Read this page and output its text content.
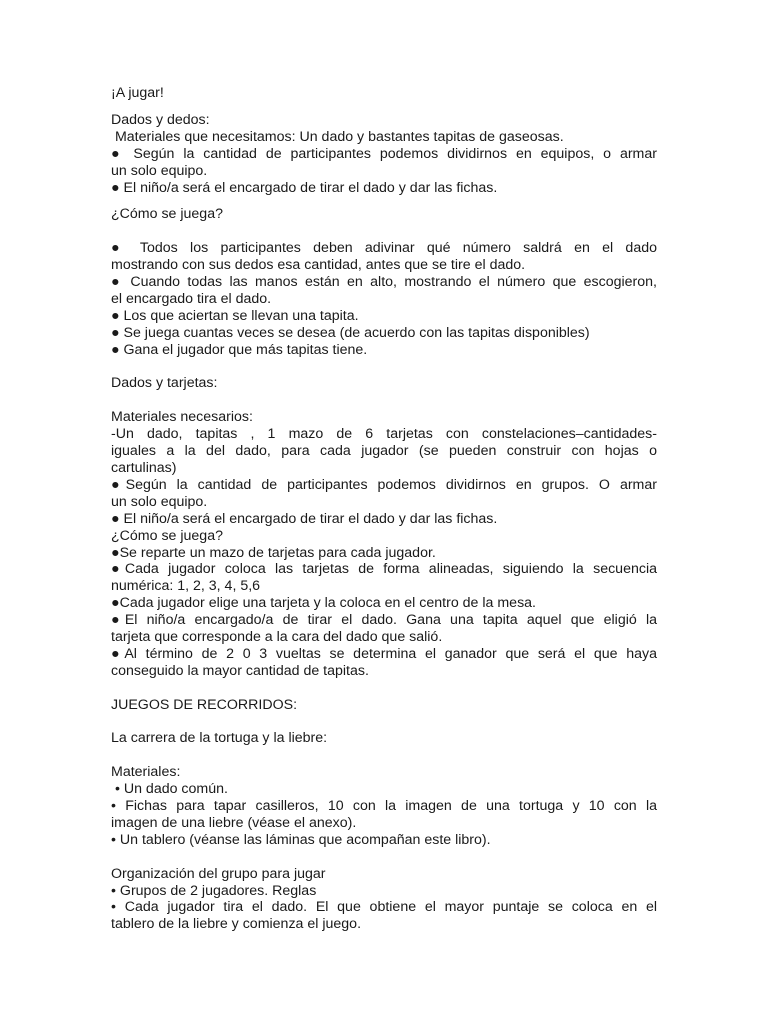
¡A jugar!
Dados y dedos:
Materiales que necesitamos: Un dado y bastantes tapitas de gaseosas.
● Según la cantidad de participantes podemos dividirnos en equipos, o armar
un solo equipo.
● El niño/a será el encargado de tirar el dado y dar las fichas.
¿Cómo se juega?
● Todos los participantes deben adivinar qué número saldrá en el dado
mostrando con sus dedos esa cantidad, antes que se tire el dado.
● Cuando todas las manos están en alto, mostrando el número que escogieron,
el encargado tira el dado.
● Los que aciertan se llevan una tapita.
● Se juega cuantas veces se desea (de acuerdo con las tapitas disponibles)
● Gana el jugador que más tapitas tiene.
Dados y tarjetas:
Materiales necesarios:
-Un dado, tapitas , 1 mazo de 6 tarjetas con constelaciones–cantidades-
iguales a la del dado, para cada jugador (se pueden construir con hojas o
cartulinas)
●Según la cantidad de participantes podemos dividirnos en grupos. O armar
un solo equipo.
● El niño/a será el encargado de tirar el dado y dar las fichas.
¿Cómo se juega?
●Se reparte un mazo de tarjetas para cada jugador.
●Cada jugador coloca las tarjetas de forma alineadas, siguiendo la secuencia
numérica: 1, 2, 3, 4, 5,6
●Cada jugador elige una tarjeta y la coloca en el centro de la mesa.
●El niño/a encargado/a de tirar el dado. Gana una tapita aquel que eligió la
tarjeta que corresponde a la cara del dado que salió.
●Al término de 2 0 3 vueltas se determina el ganador que será el que haya
conseguido la mayor cantidad de tapitas.
JUEGOS DE RECORRIDOS:
La carrera de la tortuga y la liebre:
Materiales:
• Un dado común.
• Fichas para tapar casilleros, 10 con la imagen de una tortuga y 10 con la
imagen de una liebre (véase el anexo).
• Un tablero (véanse las láminas que acompañan este libro).
Organización del grupo para jugar
• Grupos de 2 jugadores. Reglas
• Cada jugador tira el dado. El que obtiene el mayor puntaje se coloca en el
tablero de la liebre y comienza el juego.
